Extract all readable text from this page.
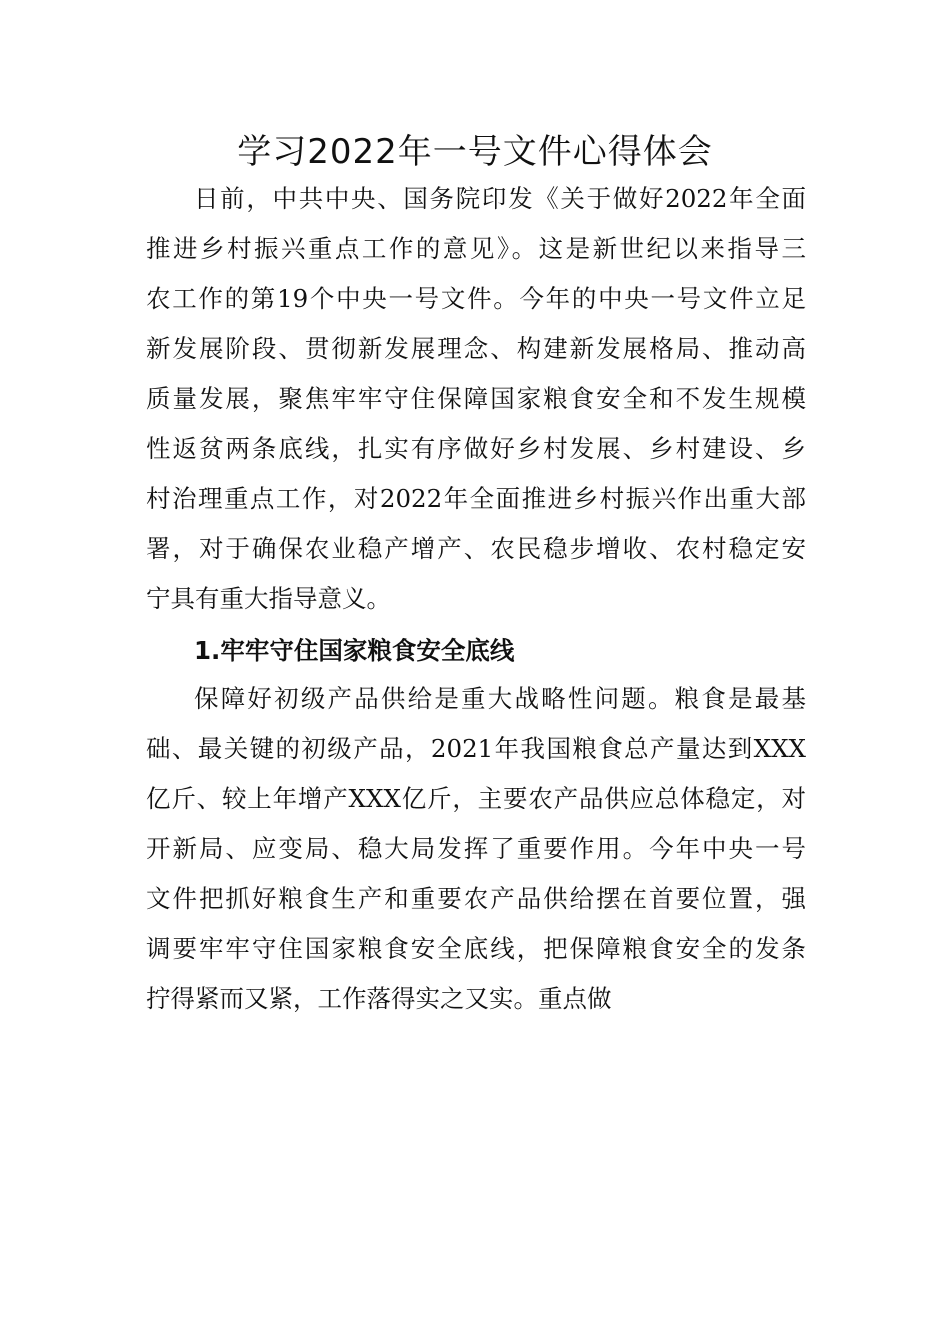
学习2022年一号文件心得体会

日前，中共中央、国务院印发《关于做好2022年全面

推进乡村振兴重点工作的意见》。这是新世纪以来指导三

农工作的第19个中央一号文件。今年的中央一号文件立足

新发展阶段、贯彻新发展理念、构建新发展格局、推动高

质量发展，聚焦牢牢守住保障国家粮食安全和不发生规模

性返贫两条底线，扎实有序做好乡村发展、乡村建设、乡

村治理重点工作，对2022年全面推进乡村振兴作出重大部

署，对于确保农业稳产增产、农民稳步增收、农村稳定安

宁具有重大指导意义。

1.牢牢守住国家粮食安全底线

保障好初级产品供给是重大战略性问题。粮食是最基

础、最关键的初级产品，2021年我国粮食总产量达到XXX

亿斤、较上年增产XXX亿斤，主要农产品供应总体稳定，对

开新局、应变局、稳大局发挥了重要作用。今年中央一号

文件把抓好粮食生产和重要农产品供给摆在首要位置，强

调要牢牢守住国家粮食安全底线，把保障粮食安全的发条

拧得紧而又紧，工作落得实之又实。重点做
